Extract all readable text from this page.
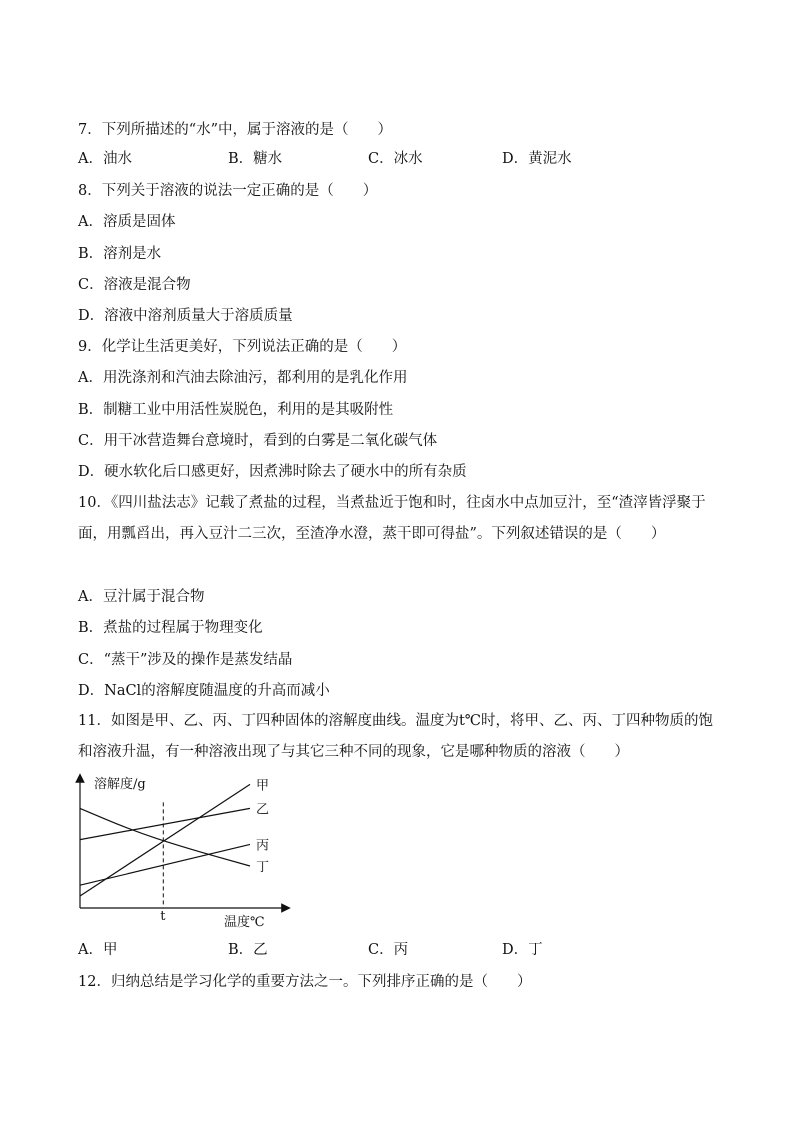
7．下列所描述的“水”中，属于溶液的是（　　）
A．油水	B．糖水	C．冰水	D．黄泥水
8．下列关于溶液的说法一定正确的是（　　）
A．溶质是固体
B．溶剂是水
C．溶液是混合物
D．溶液中溶剂质量大于溶质质量
9．化学让生活更美好，下列说法正确的是（　　）
A．用洗涤剂和汽油去除油污，都利用的是乳化作用
B．制糖工业中用活性炭脱色，利用的是其吸附性
C．用干冰营造舞台意境时，看到的白雾是二氧化碳气体
D．硬水软化后口感更好，因煮沸时除去了硬水中的所有杂质
10．《四川盐法志》记载了煮盐的过程，当煮盐近于饱和时，往卤水中点加豆汁，至“渣滓皆浮聚于面，用瓢舀出，再入豆汁二三次，至渣净水澄，蒸干即可得盐”。下列叙述错误的是（　　）
A．豆汁属于混合物
B．煮盐的过程属于物理变化
C．“蒸干”涉及的操作是蒸发结晶
D．NaCl的溶解度随温度的升高而减小
11．如图是甲、乙、丙、丁四种固体的溶解度曲线。温度为t℃时，将甲、乙、丙、丁四种物质的饱和溶液升温，有一种溶液出现了与其它三种不同的现象，它是哪种物质的溶液（　　）
溶解度/g
温度℃
t
甲
乙
丙
丁
A．甲	B．乙	C．丙	D．丁
12．归纳总结是学习化学的重要方法之一。下列排序正确的是（　　）
